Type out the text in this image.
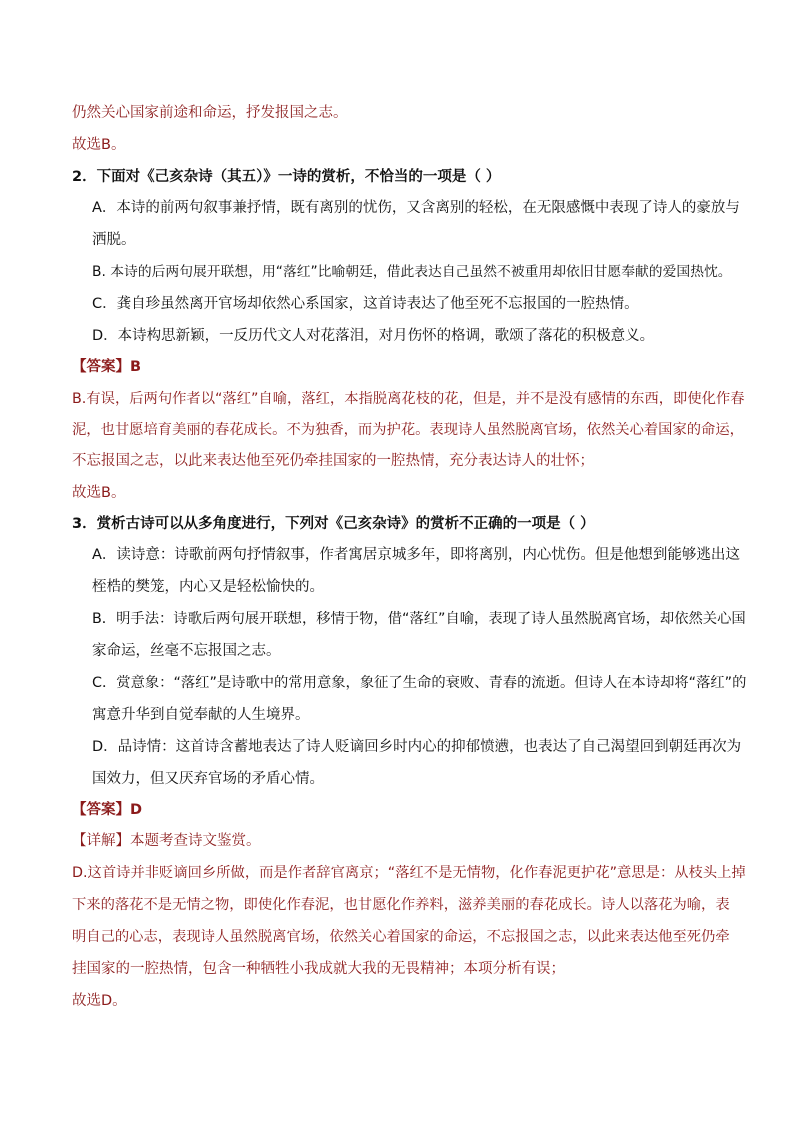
仍然关心国家前途和命运，抒发报国之志。
故选B。
2．下面对《己亥杂诗（其五）》一诗的赏析，不恰当的一项是（ ）
A．本诗的前两句叙事兼抒情，既有离别的忧伤，又含离别的轻松，在无限感慨中表现了诗人的豪放与
洒脱。
B. 本诗的后两句展开联想，用“落红”比喻朝廷，借此表达自己虽然不被重用却依旧甘愿奉献的爱国热忱。
C．龚自珍虽然离开官场却依然心系国家，这首诗表达了他至死不忘报国的一腔热情。
D．本诗构思新颖，一反历代文人对花落泪，对月伤怀的格调，歌颂了落花的积极意义。
【答案】B
B.有误，后两句作者以“落红”自喻，落红，本指脱离花枝的花，但是，并不是没有感情的东西，即使化作春
泥，也甘愿培育美丽的春花成长。不为独香，而为护花。表现诗人虽然脱离官场，依然关心着国家的命运，
不忘报国之志，以此来表达他至死仍牵挂国家的一腔热情，充分表达诗人的壮怀；
故选B。
3．赏析古诗可以从多角度进行，下列对《己亥杂诗》的赏析不正确的一项是（ ）
A．读诗意：诗歌前两句抒情叙事，作者寓居京城多年，即将离别，内心忧伤。但是他想到能够逃出这
桎梏的樊笼，内心又是轻松愉快的。
B．明手法：诗歌后两句展开联想，移情于物，借“落红”自喻，表现了诗人虽然脱离官场，却依然关心国
家命运，丝毫不忘报国之志。
C．赏意象：“落红”是诗歌中的常用意象，象征了生命的衰败、青春的流逝。但诗人在本诗却将“落红”的
寓意升华到自觉奉献的人生境界。
D．品诗情：这首诗含蓄地表达了诗人贬谪回乡时内心的抑郁愤懑，也表达了自己渴望回到朝廷再次为
国效力，但又厌弃官场的矛盾心情。
【答案】D
【详解】本题考查诗文鉴赏。
D.这首诗并非贬谪回乡所做，而是作者辞官离京；“落红不是无情物，化作春泥更护花”意思是：从枝头上掉
下来的落花不是无情之物，即使化作春泥，也甘愿化作养料，滋养美丽的春花成长。诗人以落花为喻，表
明自己的心志，表现诗人虽然脱离官场，依然关心着国家的命运，不忘报国之志，以此来表达他至死仍牵
挂国家的一腔热情，包含一种牺牲小我成就大我的无畏精神；本项分析有误；
故选D。
